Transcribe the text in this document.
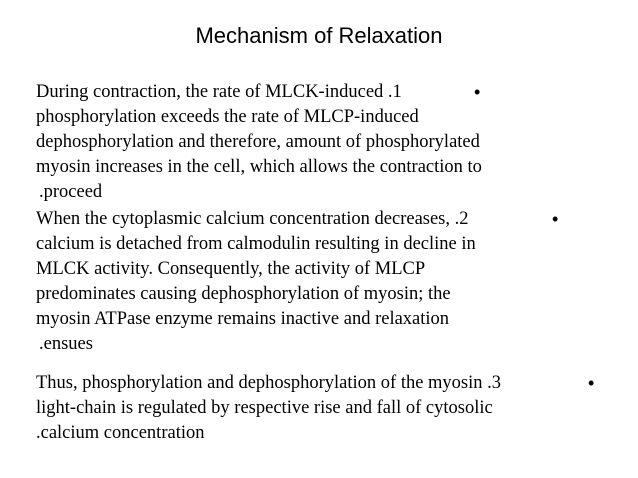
Mechanism of Relaxation
During contraction, the rate of MLCK-induced .1	•
phosphorylation exceeds the rate of MLCP-induced
dephosphorylation and therefore, amount of phosphorylated
myosin increases in the cell, which allows the contraction to
.proceed
When the cytoplasmic calcium concentration decreases, .2	•
calcium is detached from calmodulin resulting in decline in
MLCK activity. Consequently, the activity of MLCP
predominates causing dephosphorylation of myosin; the
myosin ATPase enzyme remains inactive and relaxation
.ensues
Thus, phosphorylation and dephosphorylation of the myosin .3	•
light-chain is regulated by respective rise and fall of cytosolic
.calcium concentration
